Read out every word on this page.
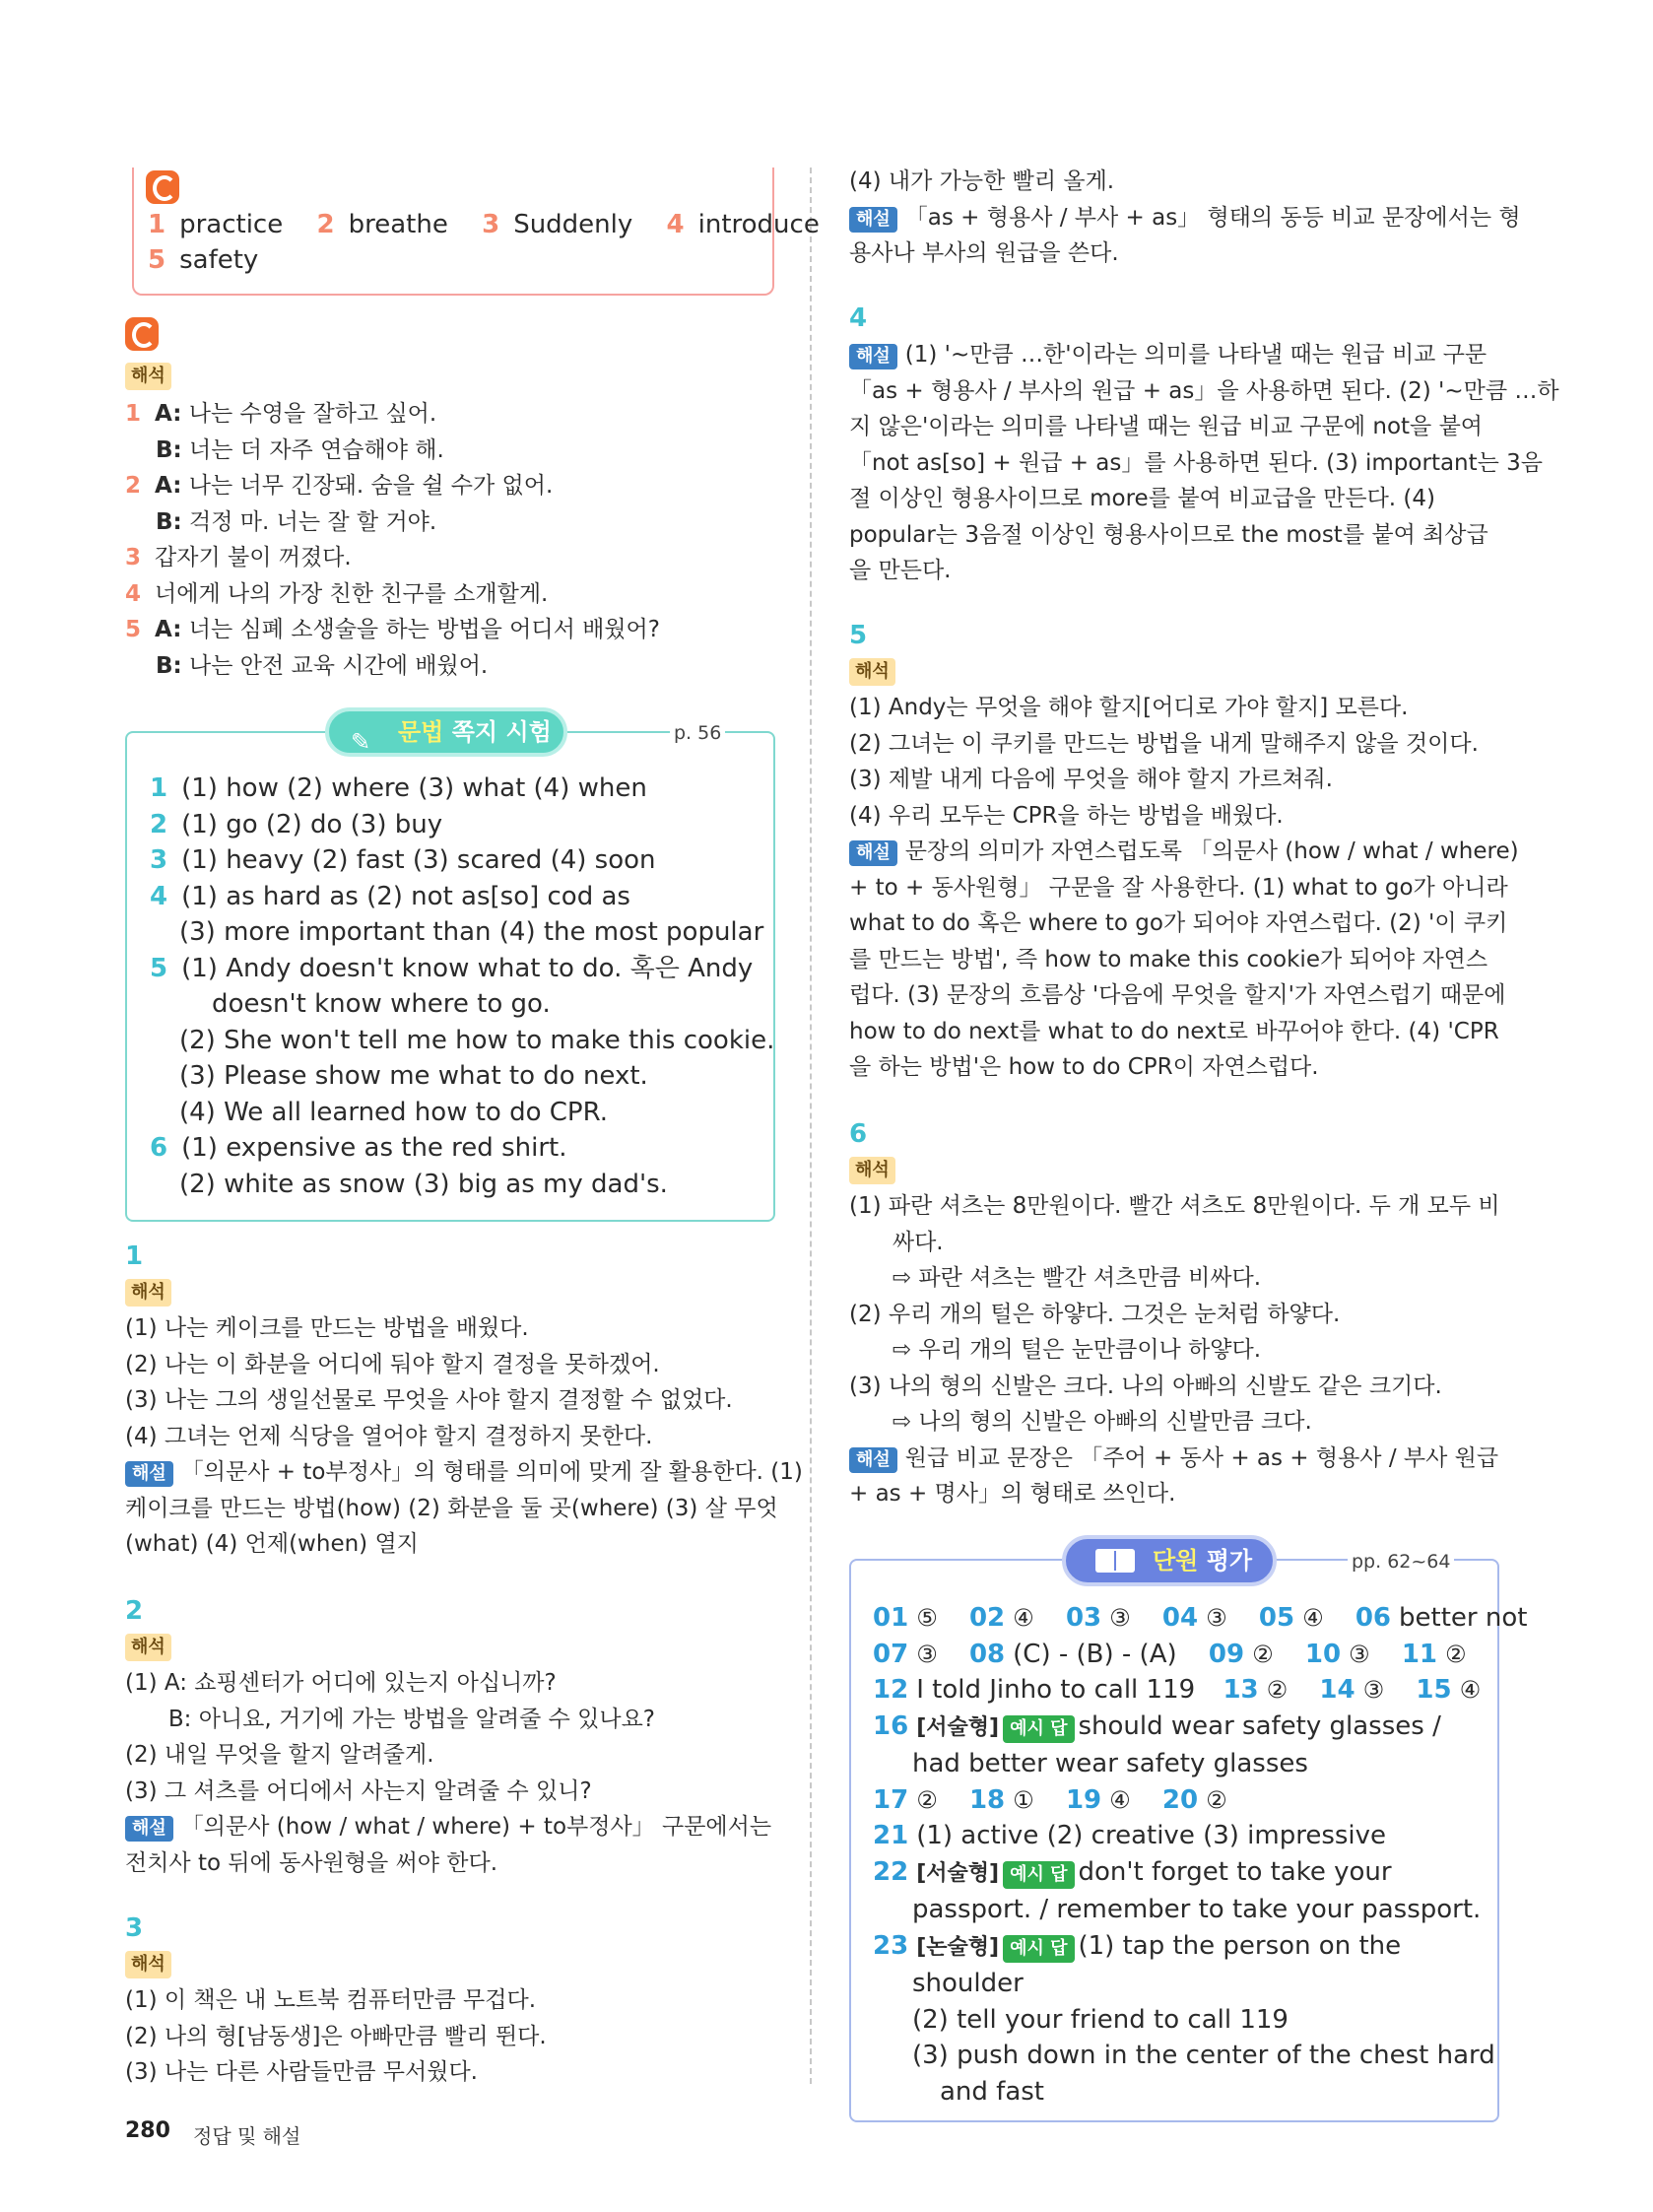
1 practice 2 breathe 3 Suddenly 4 introduce
5 safety
해석
1 A: 나는 수영을 잘하고 싶어.
B: 너는 더 자주 연습해야 해.
2 A: 나는 너무 긴장돼. 숨을 쉴 수가 없어.
B: 걱정 마. 너는 잘 할 거야.
3 갑자기 불이 꺼졌다.
4 너에게 나의 가장 친한 친구를 소개할게.
5 A: 너는 심폐 소생술을 하는 방법을 어디서 배웠어?
B: 나는 안전 교육 시간에 배웠어.
✎ 문법 쪽지 시험	p. 56
1 (1) how (2) where (3) what (4) when
2 (1) go (2) do (3) buy
3 (1) heavy (2) fast (3) scared (4) soon
4 (1) as hard as (2) not as[so] cod as
(3) more important than (4) the most popular
5 (1) Andy doesn't know what to do. 혹은 Andy
doesn't know where to go.
(2) She won't tell me how to make this cookie.
(3) Please show me what to do next.
(4) We all learned how to do CPR.
6 (1) expensive as the red shirt.
(2) white as snow (3) big as my dad's.
1
해석
(1) 나는 케이크를 만드는 방법을 배웠다.
(2) 나는 이 화분을 어디에 둬야 할지 결정을 못하겠어.
(3) 나는 그의 생일선물로 무엇을 사야 할지 결정할 수 없었다.
(4) 그녀는 언제 식당을 열어야 할지 결정하지 못한다.
해설 「의문사 + to부정사」의 형태를 의미에 맞게 잘 활용한다. (1)
케이크를 만드는 방법(how) (2) 화분을 둘 곳(where) (3) 살 무엇
(what) (4) 언제(when) 열지
2
해석
(1) A: 쇼핑센터가 어디에 있는지 아십니까?
B: 아니요, 거기에 가는 방법을 알려줄 수 있나요?
(2) 내일 무엇을 할지 알려줄게.
(3) 그 셔츠를 어디에서 사는지 알려줄 수 있니?
해설 「의문사 (how / what / where) + to부정사」 구문에서는
전치사 to 뒤에 동사원형을 써야 한다.
3
해석
(1) 이 책은 내 노트북 컴퓨터만큼 무겁다.
(2) 나의 형[남동생]은 아빠만큼 빨리 뛴다.
(3) 나는 다른 사람들만큼 무서웠다.
280 정답 및 해설
(4) 내가 가능한 빨리 올게.
해설 「as + 형용사 / 부사 + as」 형태의 동등 비교 문장에서는 형
용사나 부사의 원급을 쓴다.
4
해설 (1) '~만큼 …한'이라는 의미를 나타낼 때는 원급 비교 구문
「as + 형용사 / 부사의 원급 + as」을 사용하면 된다. (2) '~만큼 …하
지 않은'이라는 의미를 나타낼 때는 원급 비교 구문에 not을 붙여
「not as[so] + 원급 + as」를 사용하면 된다. (3) important는 3음
절 이상인 형용사이므로 more를 붙여 비교급을 만든다. (4)
popular는 3음절 이상인 형용사이므로 the most를 붙여 최상급
을 만든다.
5
해석
(1) Andy는 무엇을 해야 할지[어디로 가야 할지] 모른다.
(2) 그녀는 이 쿠키를 만드는 방법을 내게 말해주지 않을 것이다.
(3) 제발 내게 다음에 무엇을 해야 할지 가르쳐줘.
(4) 우리 모두는 CPR을 하는 방법을 배웠다.
해설 문장의 의미가 자연스럽도록 「의문사 (how / what / where)
+ to + 동사원형」 구문을 잘 사용한다. (1) what to go가 아니라
what to do 혹은 where to go가 되어야 자연스럽다. (2) '이 쿠키
를 만드는 방법', 즉 how to make this cookie가 되어야 자연스
럽다. (3) 문장의 흐름상 '다음에 무엇을 할지'가 자연스럽기 때문에
how to do next를 what to do next로 바꾸어야 한다. (4) 'CPR
을 하는 방법'은 how to do CPR이 자연스럽다.
6
해석
(1) 파란 셔츠는 8만원이다. 빨간 셔츠도 8만원이다. 두 개 모두 비
싸다.
⇨ 파란 셔츠는 빨간 셔츠만큼 비싸다.
(2) 우리 개의 털은 하얗다. 그것은 눈처럼 하얗다.
⇨ 우리 개의 털은 눈만큼이나 하얗다.
(3) 나의 형의 신발은 크다. 나의 아빠의 신발도 같은 크기다.
⇨ 나의 형의 신발은 아빠의 신발만큼 크다.
해설 원급 비교 문장은 「주어 + 동사 + as + 형용사 / 부사 원급
+ as + 명사」의 형태로 쓰인다.
단원 평가	pp. 62~64
01 ⑤ 02 ④ 03 ③ 04 ③ 05 ④ 06 better not
07 ③ 08 (C) - (B) - (A) 09 ② 10 ③ 11 ②
12 I told Jinho to call 119 13 ② 14 ③ 15 ④
16 [서술형] 예시 답 should wear safety glasses /
had better wear safety glasses
17 ② 18 ① 19 ④ 20 ②
21 (1) active (2) creative (3) impressive
22 [서술형] 예시 답 don't forget to take your
passport. / remember to take your passport.
23 [논술형] 예시 답 (1) tap the person on the
shoulder
(2) tell your friend to call 119
(3) push down in the center of the chest hard
and fast
